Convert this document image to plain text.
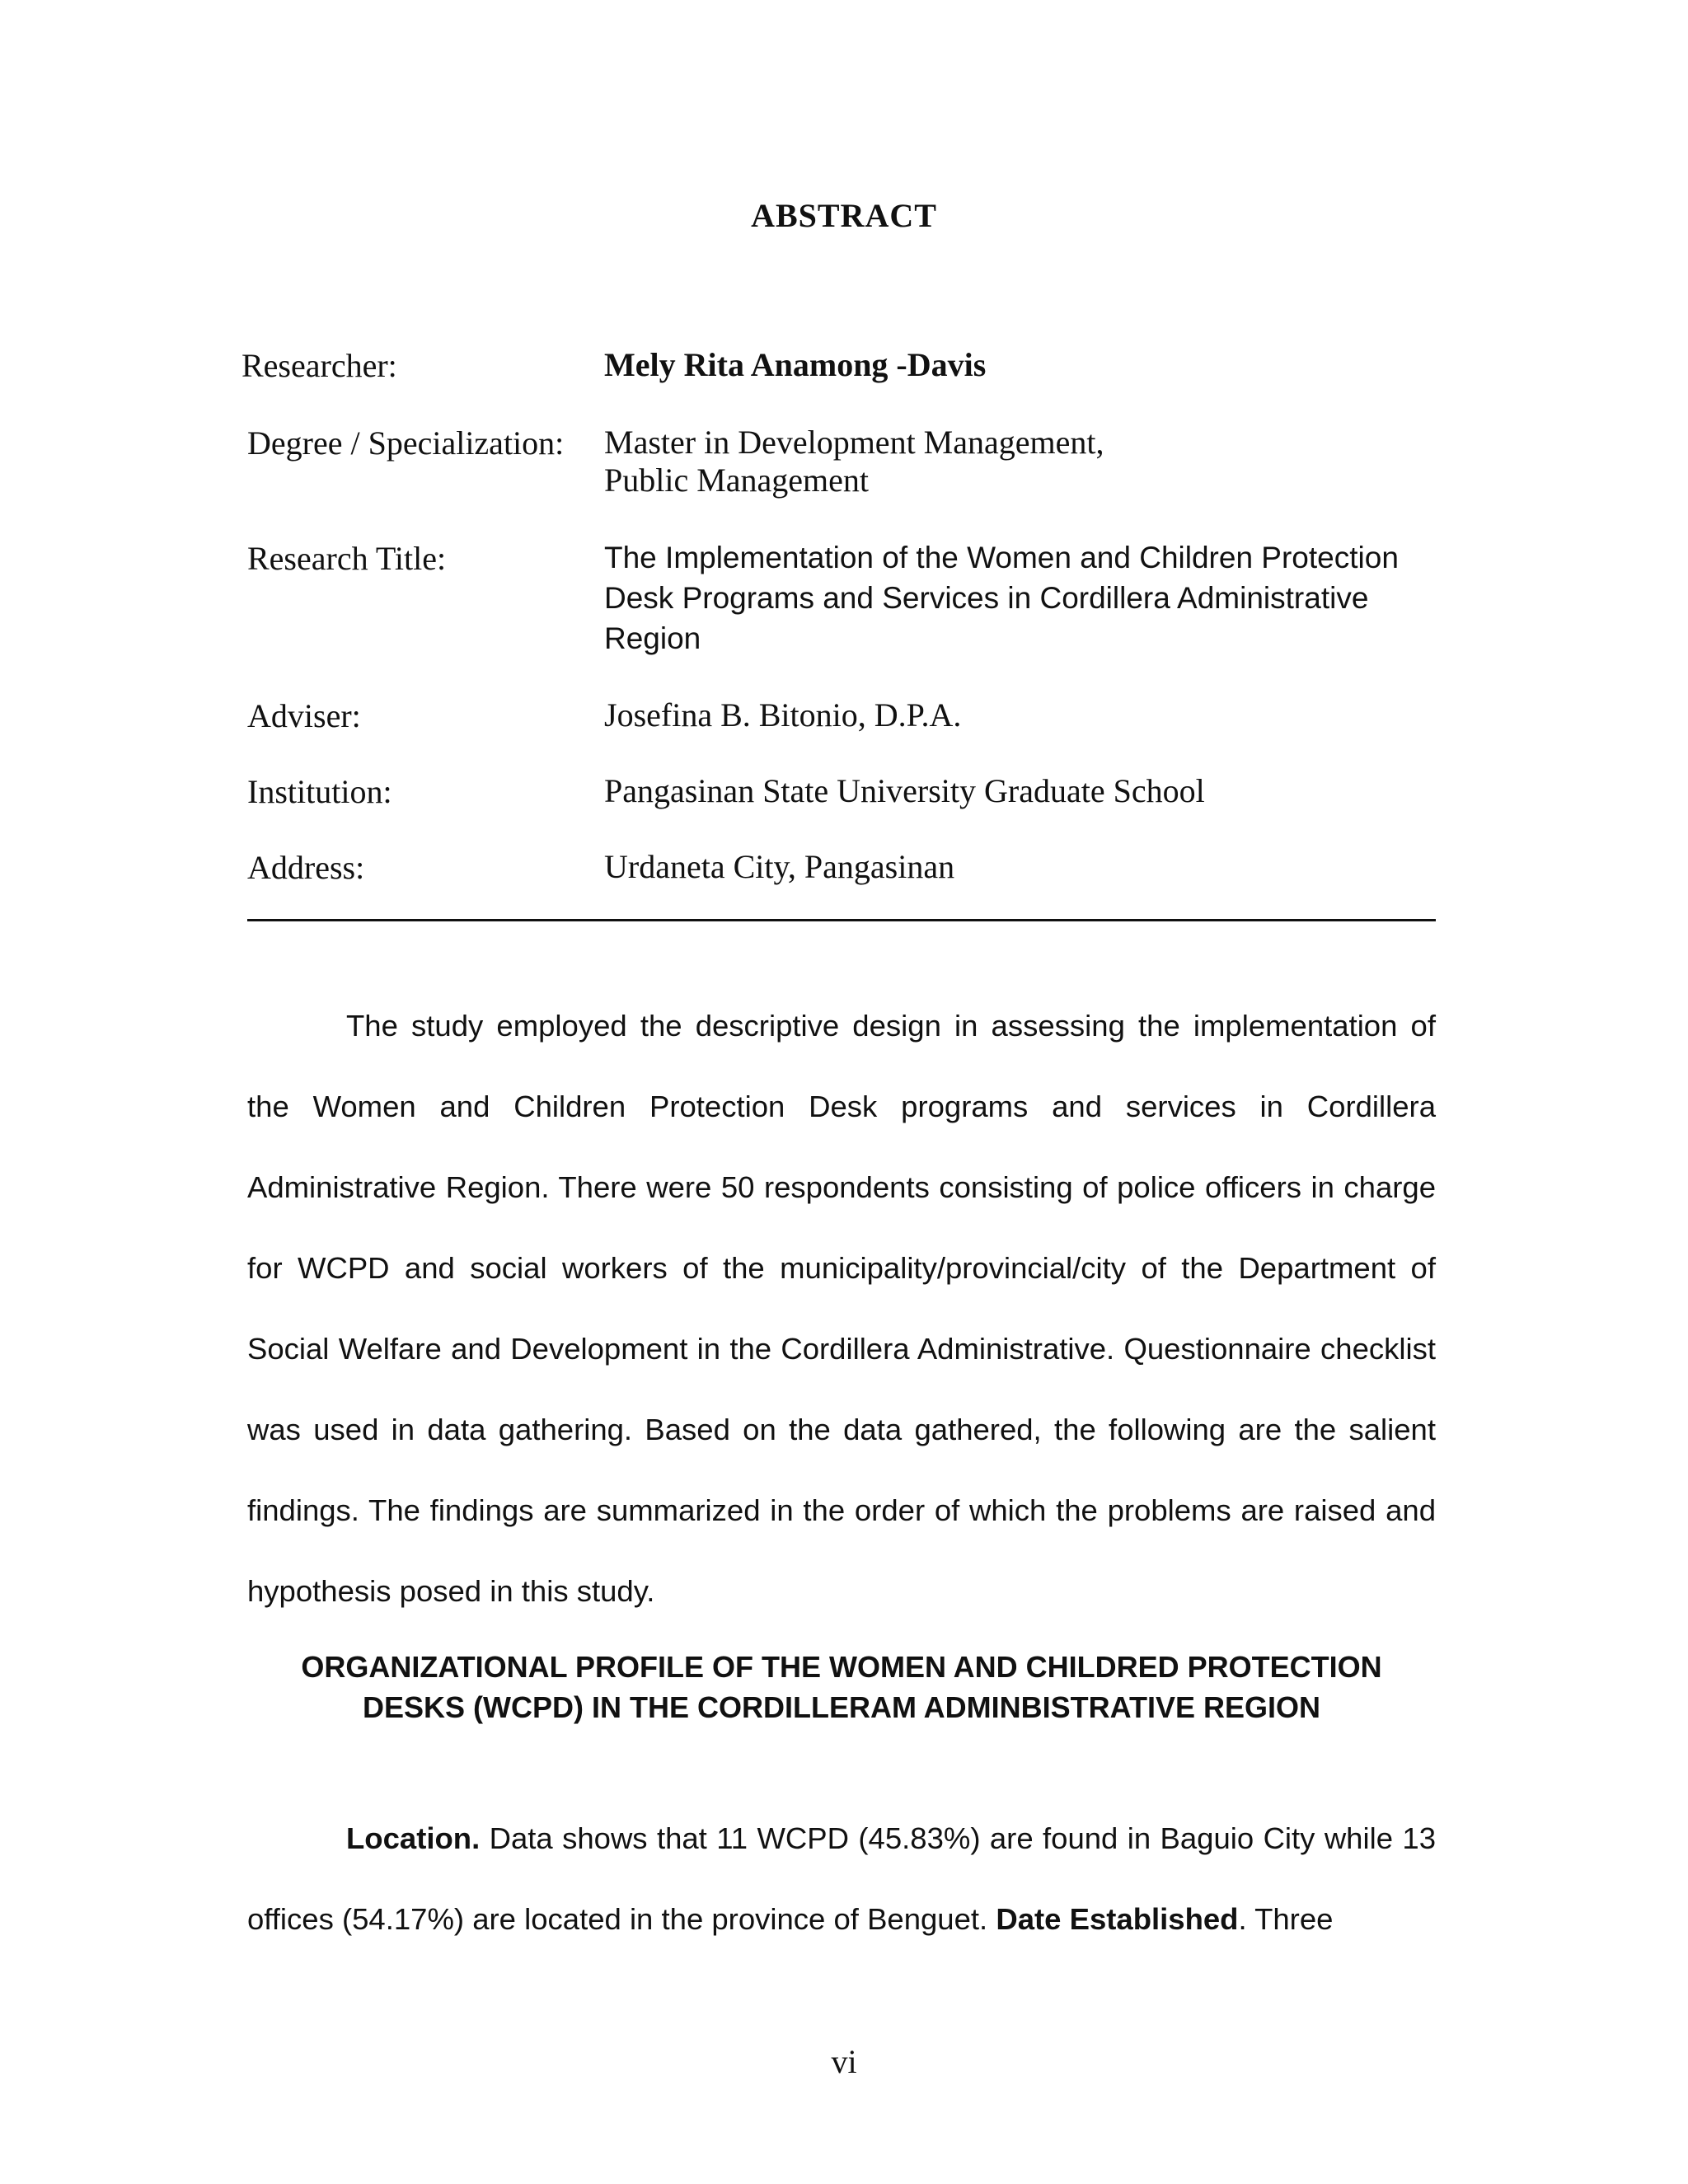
ABSTRACT
Researcher:	Mely Rita Anamong -Davis
Degree / Specialization: Master in Development Management,
Public Management
Research Title:	The Implementation of the Women and Children Protection
Desk Programs and Services in Cordillera Administrative
Region
Adviser:	Josefina B. Bitonio, D.P.A.
Institution:	Pangasinan State University Graduate School
Address:	Urdaneta City, Pangasinan

The study employed the descriptive design in assessing the implementation of the Women and Children Protection Desk programs and services in Cordillera Administrative Region. There were 50 respondents consisting of police officers in charge for WCPD and social workers of the municipality/provincial/city of the Department of Social Welfare and Development in the Cordillera Administrative. Questionnaire checklist was used in data gathering. Based on the data gathered, the following are the salient findings. The findings are summarized in the order of which the problems are raised and hypothesis posed in this study.

ORGANIZATIONAL PROFILE OF THE WOMEN AND CHILDRED PROTECTION
DESKS (WCPD) IN THE CORDILLERAM ADMINBISTRATIVE REGION

Location. Data shows that 11 WCPD (45.83%) are found in Baguio City while 13 offices (54.17%) are located in the province of Benguet. Date Established. Three

vi
